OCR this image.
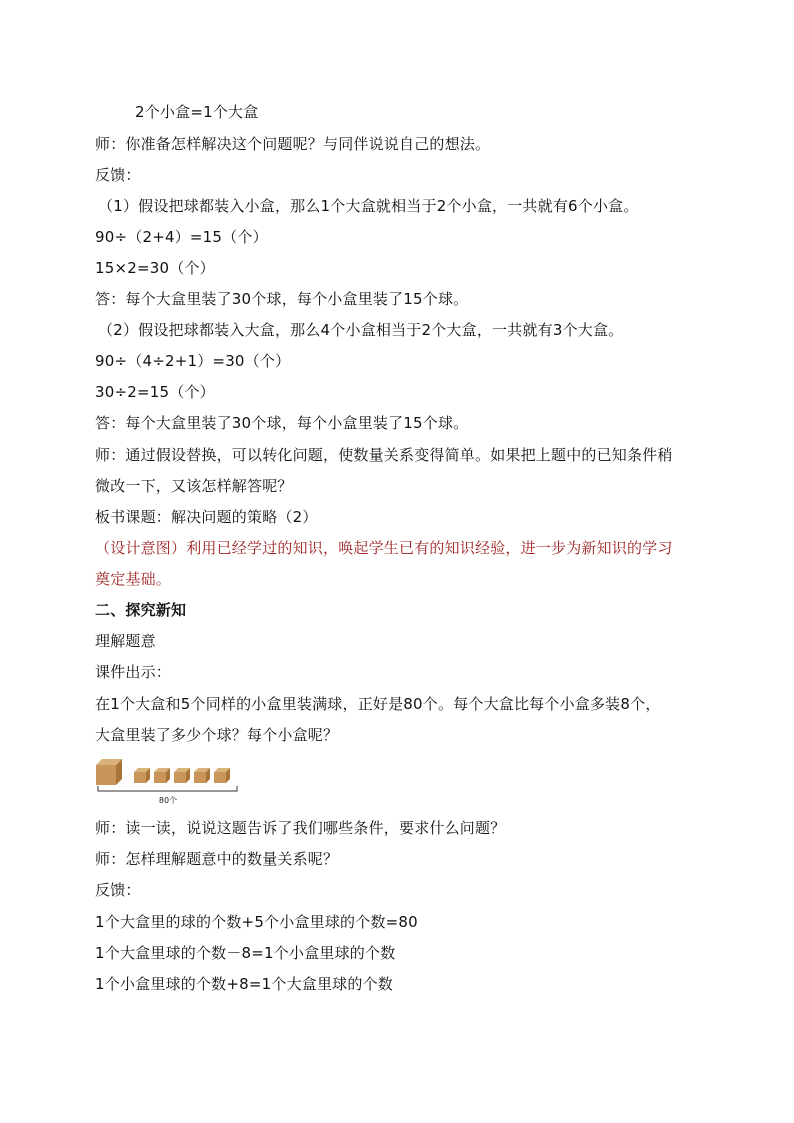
2个小盒=1个大盒
师：你准备怎样解决这个问题呢？与同伴说说自己的想法。
反馈：
（1）假设把球都装入小盒，那么1个大盒就相当于2个小盒，一共就有6个小盒。
90÷（2+4）=15（个）
15×2=30（个）
答：每个大盒里装了30个球，每个小盒里装了15个球。
（2）假设把球都装入大盒，那么4个小盒相当于2个大盒，一共就有3个大盒。
90÷（4÷2+1）=30（个）
30÷2=15（个）
答：每个大盒里装了30个球，每个小盒里装了15个球。
师：通过假设替换，可以转化问题，使数量关系变得简单。如果把上题中的已知条件稍
微改一下，又该怎样解答呢？
板书课题：解决问题的策略（2）
（设计意图）利用已经学过的知识，唤起学生已有的知识经验，进一步为新知识的学习
奠定基础。
二、探究新知
理解题意
课件出示：
在1个大盒和5个同样的小盒里装满球，正好是80个。每个大盒比每个小盒多装8个，
大盒里装了多少个球？每个小盒呢？
80个
师：读一读，说说这题告诉了我们哪些条件，要求什么问题？
师：怎样理解题意中的数量关系呢？
反馈：
1个大盒里的球的个数+5个小盒里球的个数=80
1个大盒里球的个数－8=1个小盒里球的个数
1个小盒里球的个数+8=1个大盒里球的个数
